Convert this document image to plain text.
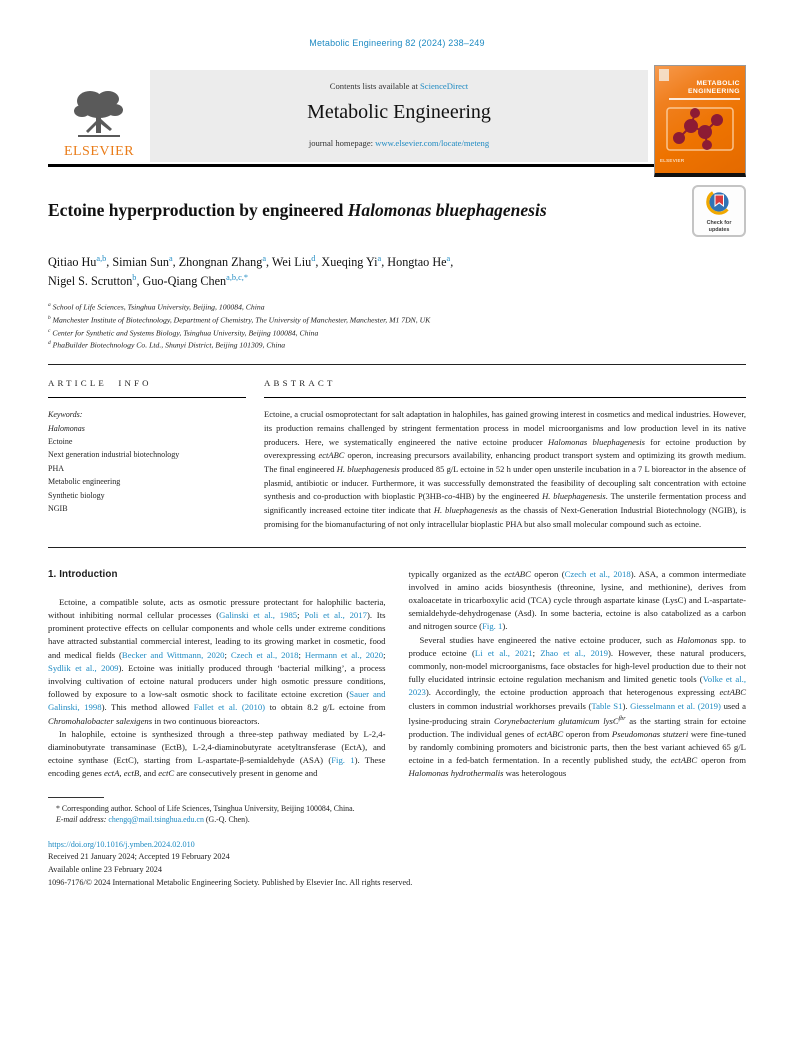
Metabolic Engineering 82 (2024) 238–249
ELSEVIER
Contents lists available at ScienceDirect
Metabolic Engineering
journal homepage: www.elsevier.com/locate/meteng
METABOLIC
ENGINEERING
ELSEVIER
Ectoine hyperproduction by engineered Halomonas bluephagenesis
Check for
updates
Qitiao Hu$^{a,b}$, Simian Sun$^a$, Zhongnan Zhang$^a$, Wei Liu$^d$, Xueqing Yi$^a$, Hongtao He$^a$,
Nigel S. Scrutton$^b$, Guo-Qiang Chen$^{a,b,c,*}$
$^a$ School of Life Sciences, Tsinghua University, Beijing, 100084, China
$^b$ Manchester Institute of Biotechnology, Department of Chemistry, The University of Manchester, Manchester, M1 7DN, UK
$^c$ Center for Synthetic and Systems Biology, Tsinghua University, Beijing 100084, China
$^d$ PhaBuilder Biotechnology Co. Ltd., Shunyi District, Beijing 101309, China
ARTICLE INFO
Keywords:
Halomonas
Ectoine
Next generation industrial biotechnology
PHA
Metabolic engineering
Synthetic biology
NGIB
ABSTRACT
Ectoine, a crucial osmoprotectant for salt adaptation in halophiles, has gained growing interest in cosmetics and medical industries. However, its production remains challenged by stringent fermentation process in model microorganisms and low production level in its native producers. Here, we systematically engineered the native ectoine producer Halomonas bluephagenesis for ectoine production by overexpressing ectABC operon, increasing precursors availability, enhancing product transport system and optimizing its growth medium. The final engineered H. bluephagenesis produced 85 g/L ectoine in 52 h under open unsterile incubation in a 7 L bioreactor in the absence of plasmid, antibiotic or inducer. Furthermore, it was successfully demonstrated the feasibility of decoupling salt concentration with ectoine synthesis and co-production with bioplastic P(3HB-co-4HB) by the engineered H. bluephagenesis. The unsterile fermentation process and significantly increased ectoine titer indicate that H. bluephagenesis as the chassis of Next-Generation Industrial Biotechnology (NGIB), is promising for the biomanufacturing of not only intracellular bioplastic PHA but also small molecular compound such as ectoine.
1. Introduction

Ectoine, a compatible solute, acts as osmotic pressure protectant for halophilic bacteria, without inhibiting normal cellular processes (Galinski et al., 1985; Poli et al., 2017). Its prominent protective effects on cellular components and whole cells under extreme conditions have attracted substantial commercial interest, leading to its growing market in cosmetic, food and medical fields (Becker and Wittmann, 2020; Czech et al., 2018; Hermann et al., 2020; Sydlik et al., 2009). Ectoine was initially produced through ‘bacterial milking’, a process involving cultivation of ectoine natural producers under high osmotic pressure conditions, followed by exposure to a low-salt osmotic shock to facilitate ectoine excretion (Sauer and Galinski, 1998). This method allowed Fallet et al. (2010) to obtain 8.2 g/L ectoine from Chromohalobacter salexigens in two continuous bioreactors.

In halophile, ectoine is synthesized through a three-step pathway mediated by L-2,4-diaminobutyrate transaminase (EctB), L-2,4-diaminobutyrate acetyltransferase (EctA), and ectoine synthase (EctC), starting from L-aspartate-β-semialdehyde (ASA) (Fig. 1). These encoding genes ectA, ectB, and ectC are consecutively present in genome and

typically organized as the ectABC operon (Czech et al., 2018). ASA, a common intermediate involved in amino acids biosynthesis (threonine, lysine, and methionine), derives from oxaloacetate in tricarboxylic acid (TCA) cycle through aspartate kinase (LysC) and L-aspartate-semialdehyde-dehydrogenase (Asd). In some bacteria, ectoine is also catabolized as a carbon and nitrogen source (Fig. 1).

Several studies have engineered the native ectoine producer, such as Halomonas spp. to produce ectoine (Li et al., 2021; Zhao et al., 2019). However, these natural producers, commonly, non-model microorganisms, face obstacles for high-level production due to their not fully elucidated intrinsic ectoine regulation mechanism and limited genetic tools (Volke et al., 2023). Accordingly, the ectoine production approach that heterogenous expressing ectABC clusters in common industrial workhorses prevails (Table S1). Giesselmann et al. (2019) used a lysine-producing strain Corynebacterium glutamicum lysC$^{fbr}$ as the starting strain for ectoine production. The individual genes of ectABC operon from Pseudomonas stutzeri were fine-tuned by randomly combining promoters and bicistronic parts, then the best variant achieved 65 g/L ectoine in a fed-batch fermentation. In a recently published study, the ectABC operon from Halomonas hydrothermalis was heterologous

* Corresponding author. School of Life Sciences, Tsinghua University, Beijing 100084, China.
E-mail address: chengq@mail.tsinghua.edu.cn (G.-Q. Chen).
https://doi.org/10.1016/j.ymben.2024.02.010
Received 21 January 2024; Accepted 19 February 2024
Available online 23 February 2024
1096-7176/© 2024 International Metabolic Engineering Society. Published by Elsevier Inc. All rights reserved.
